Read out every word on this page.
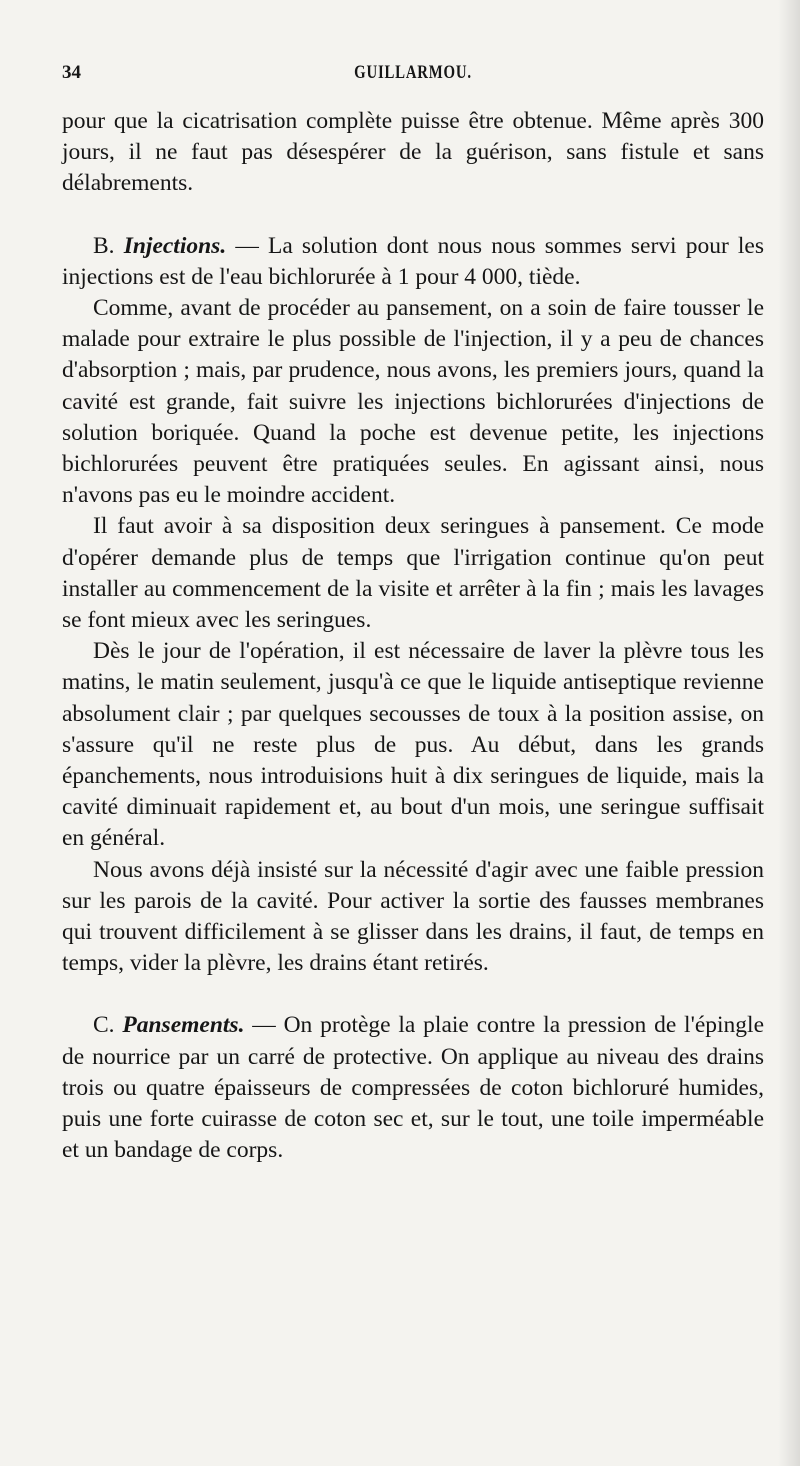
34	GUILLARMOU.

pour que la cicatrisation complète puisse être obtenue. Même après 300 jours, il ne faut pas désespérer de la guérison, sans fistule et sans délabrements.

B. Injections. — La solution dont nous nous sommes servi pour les injections est de l'eau bichlorurée à 1 pour 4 000, tiède.

Comme, avant de procéder au pansement, on a soin de faire tousser le malade pour extraire le plus possible de l'injection, il y a peu de chances d'absorption ; mais, par prudence, nous avons, les premiers jours, quand la cavité est grande, fait suivre les injections bichlorurées d'injections de solution boriquée. Quand la poche est devenue petite, les injections bichlorurées peuvent être pratiquées seules. En agissant ainsi, nous n'avons pas eu le moindre accident.

Il faut avoir à sa disposition deux seringues à pansement. Ce mode d'opérer demande plus de temps que l'irrigation continue qu'on peut installer au commencement de la visite et arrêter à la fin ; mais les lavages se font mieux avec les seringues.

Dès le jour de l'opération, il est nécessaire de laver la plèvre tous les matins, le matin seulement, jusqu'à ce que le liquide antiseptique revienne absolument clair ; par quelques secousses de toux à la position assise, on s'assure qu'il ne reste plus de pus. Au début, dans les grands épanchements, nous introduisions huit à dix seringues de liquide, mais la cavité diminuait rapidement et, au bout d'un mois, une seringue suffisait en général.

Nous avons déjà insisté sur la nécessité d'agir avec une faible pression sur les parois de la cavité. Pour activer la sortie des fausses membranes qui trouvent difficilement à se glisser dans les drains, il faut, de temps en temps, vider la plèvre, les drains étant retirés.

C. Pansements. — On protège la plaie contre la pression de l'épingle de nourrice par un carré de protective. On applique au niveau des drains trois ou quatre épaisseurs de compressées de coton bichloruré humides, puis une forte cuirasse de coton sec et, sur le tout, une toile imperméable et un bandage de corps.
